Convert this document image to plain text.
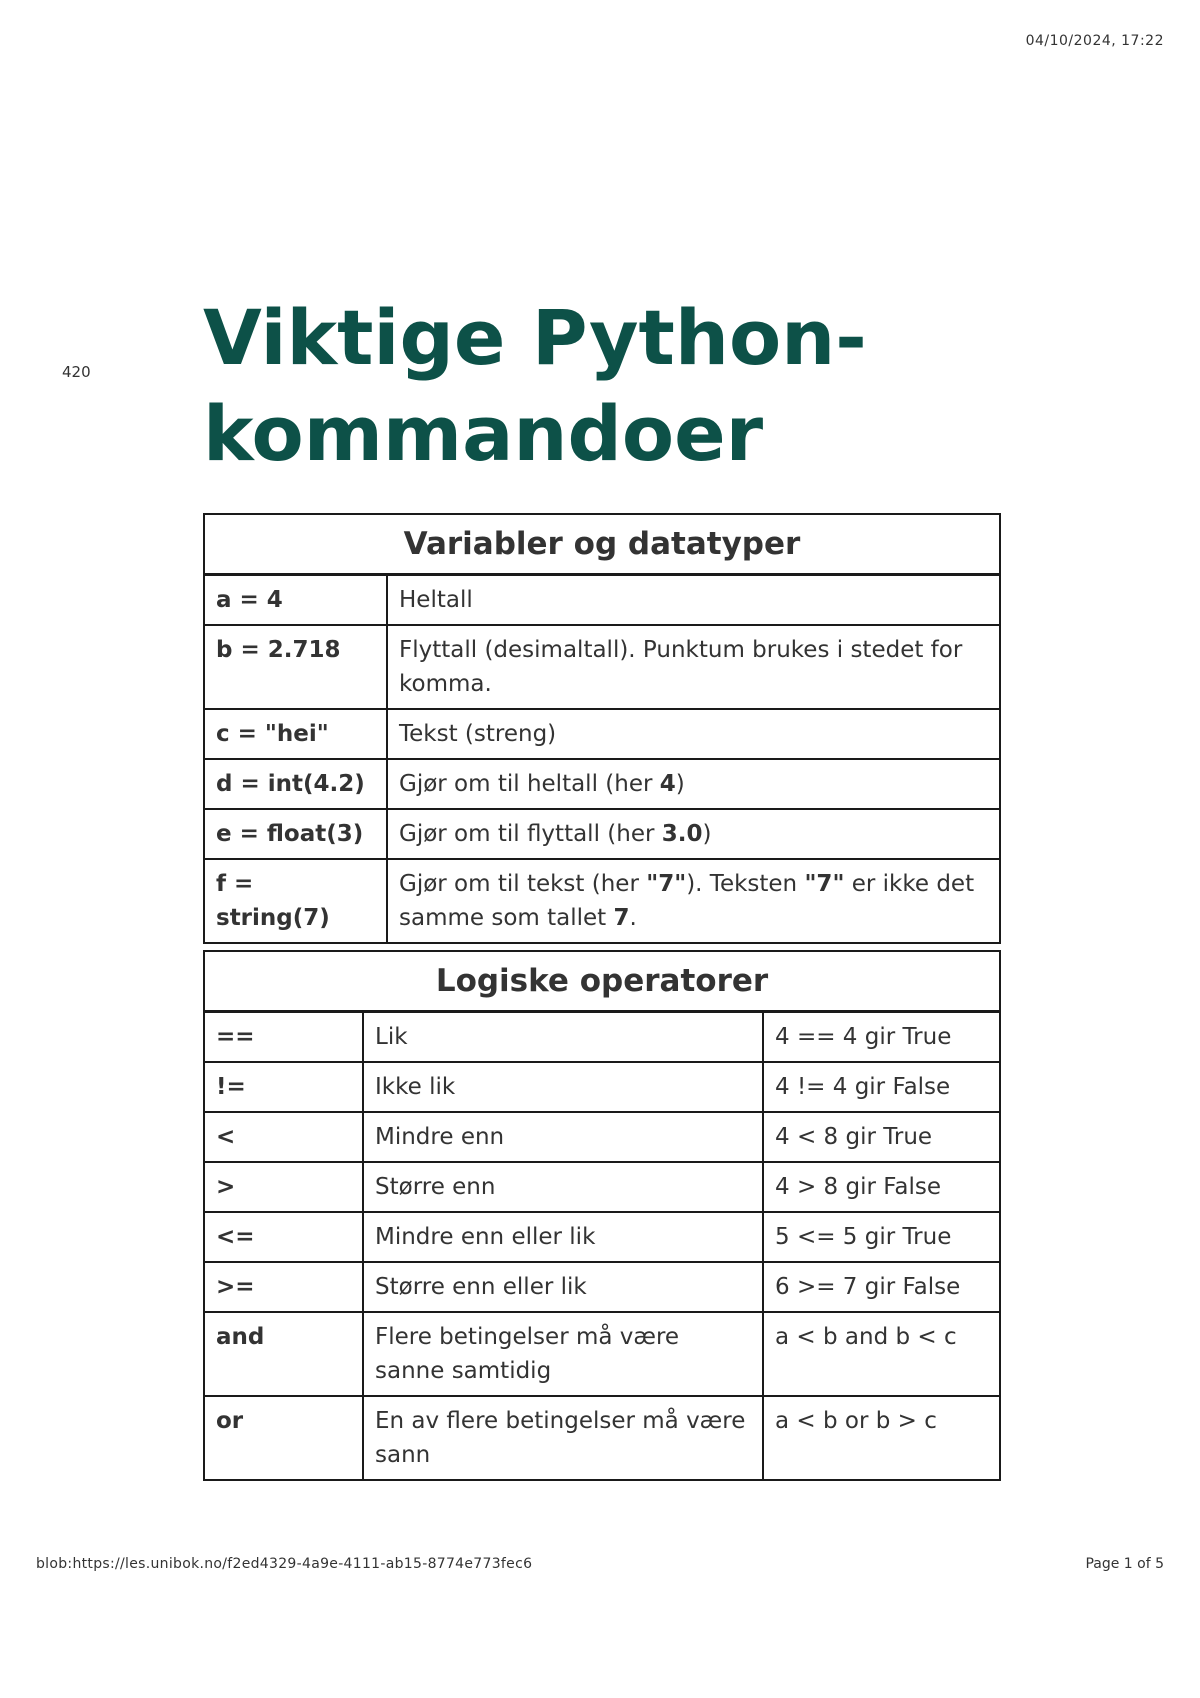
04/10/2024, 17:22
420 Viktige Python-kommandoer
Variabler og datatyper	
a = 4	Heltall
b = 2.718	Flyttall (desimaltall). Punktum brukes i stedet for komma.
c = "hei"	Tekst (streng)
d = int(4.2)	Gjør om til heltall (her 4)
e = float(3)	Gjør om til flyttall (her 3.0)
f = string(7)	Gjør om til tekst (her "7"). Teksten "7" er ikke det samme som tallet 7.
Logiske operatorer		
==	Lik	4 == 4 gir True
!=	Ikke lik	4 != 4 gir False
<	Mindre enn	4 < 8 gir True
>	Større enn	4 > 8 gir False
<=	Mindre enn eller lik	5 <= 5 gir True
>=	Større enn eller lik	6 >= 7 gir False
and	Flere betingelser må være sanne samtidig	a < b and b < c
or	En av flere betingelser må være sann	a < b or b > c
blob:https://les.unibok.no/f2ed4329-4a9e-4111-ab15-8774e773fec6	Page 1 of 5
